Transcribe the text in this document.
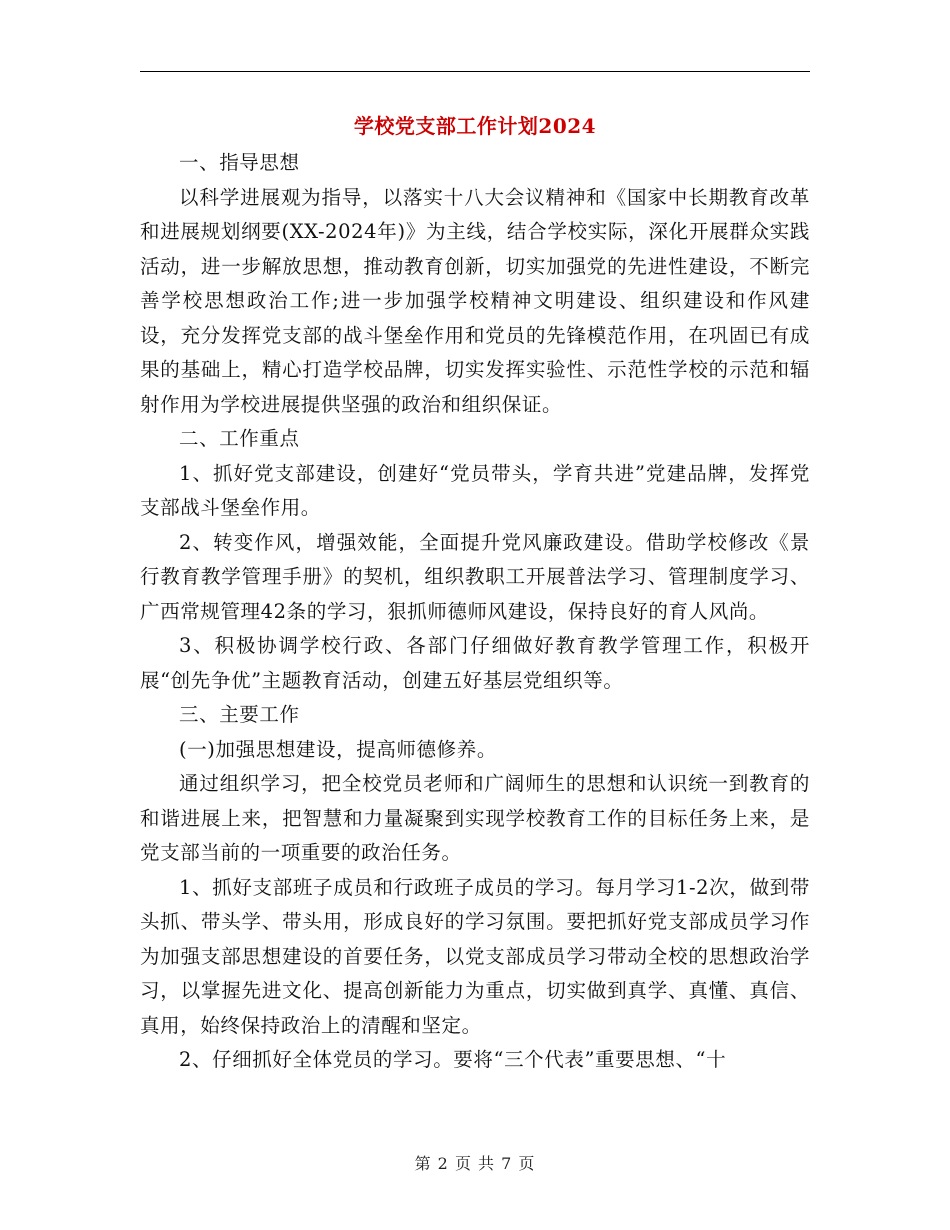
学校党支部工作计划2024

一、指导思想

以科学进展观为指导，以落实十八大会议精神和《国家中长期教育改革和进展规划纲要(XX-2024年)》为主线，结合学校实际，深化开展群众实践活动，进一步解放思想，推动教育创新，切实加强党的先进性建设，不断完善学校思想政治工作;进一步加强学校精神文明建设、组织建设和作风建设，充分发挥党支部的战斗堡垒作用和党员的先锋模范作用，在巩固已有成果的基础上，精心打造学校品牌，切实发挥实验性、示范性学校的示范和辐射作用为学校进展提供坚强的政治和组织保证。

二、工作重点

1、抓好党支部建设，创建好“党员带头，学育共进”党建品牌，发挥党支部战斗堡垒作用。

2、转变作风，增强效能，全面提升党风廉政建设。借助学校修改《景行教育教学管理手册》的契机，组织教职工开展普法学习、管理制度学习、广西常规管理42条的学习，狠抓师德师风建设，保持良好的育人风尚。

3、积极协调学校行政、各部门仔细做好教育教学管理工作，积极开展“创先争优”主题教育活动，创建五好基层党组织等。

三、主要工作

(一)加强思想建设，提高师德修养。

通过组织学习，把全校党员老师和广阔师生的思想和认识统一到教育的和谐进展上来，把智慧和力量凝聚到实现学校教育工作的目标任务上来，是党支部当前的一项重要的政治任务。

1、抓好支部班子成员和行政班子成员的学习。每月学习1-2次，做到带头抓、带头学、带头用，形成良好的学习氛围。要把抓好党支部成员学习作为加强支部思想建设的首要任务，以党支部成员学习带动全校的思想政治学习，以掌握先进文化、提高创新能力为重点，切实做到真学、真懂、真信、真用，始终保持政治上的清醒和坚定。

2、仔细抓好全体党员的学习。要将“三个代表”重要思想、“十

第 2 页 共 7 页
